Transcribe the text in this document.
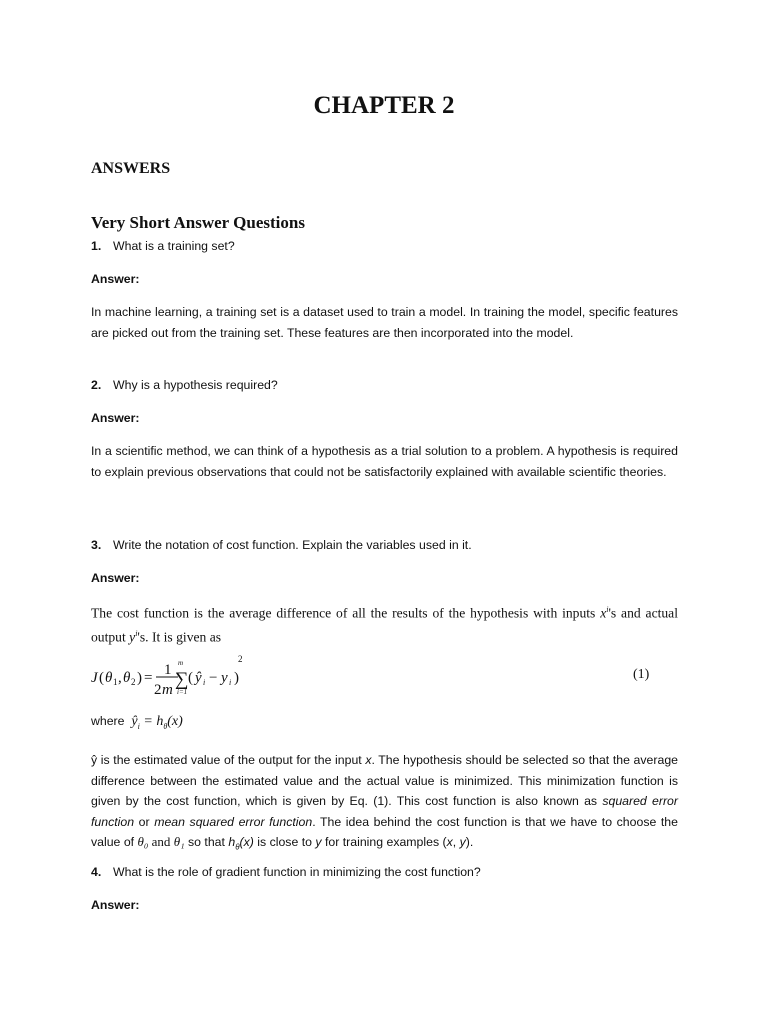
CHAPTER 2
ANSWERS
Very Short Answer Questions

1. What is a training set?

Answer:

In machine learning, a training set is a dataset used to train a model. In training the model, specific features are picked out from the training set. These features are then incorporated into the model.

2. Why is a hypothesis required?

Answer:

In a scientific method, we can think of a hypothesis as a trial solution to a problem. A hypothesis is required to explain previous observations that could not be satisfactorily explained with available scientific theories.

3. Write the notation of cost function. Explain the variables used in it.

Answer:

The cost function is the average difference of all the results of the hypothesis with inputs $x^i's$ and actual output $y^i's$. It is given as

J ( θ 1 , θ 2 ) = 1
2 m
m
∑
i=1
( ŷ i − y i )
2

(1)

where  $ŷ_i = h_\theta(x)$

ŷ is the estimated value of the output for the input x. The hypothesis should be selected so that the average difference between the estimated value and the actual value is minimized. This minimization function is given by the cost function, which is given by Eq. (1). This cost function is also known as squared error function or mean squared error function. The idea behind the cost function is that we have to choose the value of θ₀ and θ₁ so that $h_\theta(x)$ is close to y for training examples (x, y).

4. What is the role of gradient function in minimizing the cost function?

Answer:
